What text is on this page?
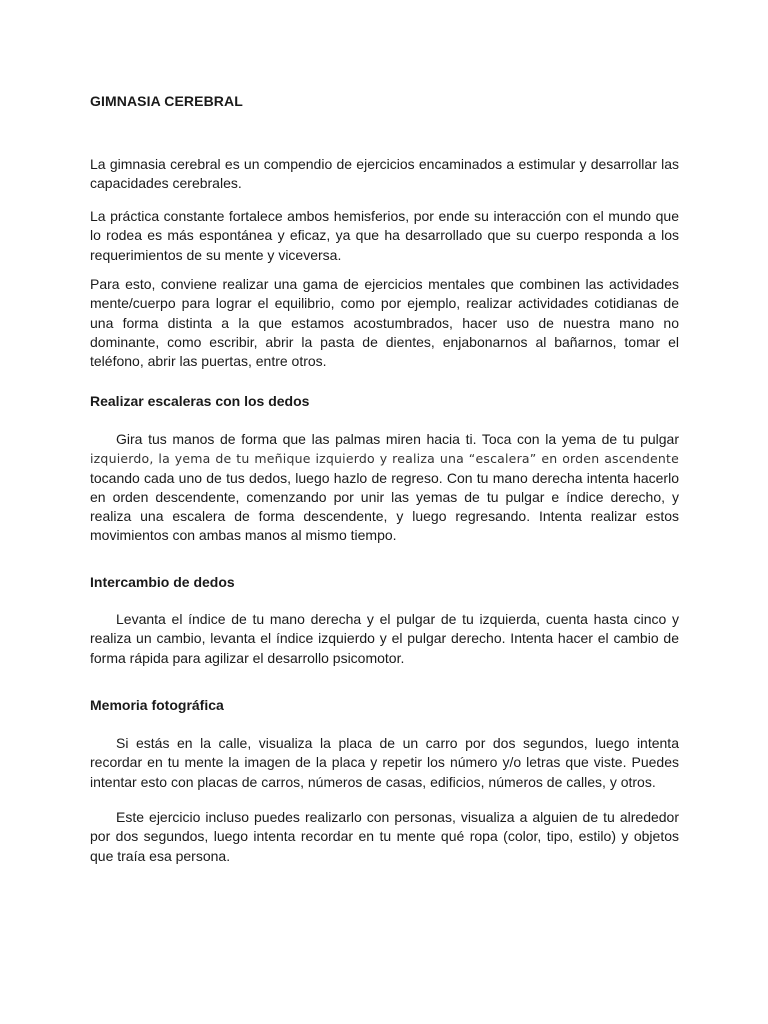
GIMNASIA CEREBRAL

La gimnasia cerebral es un compendio de ejercicios encaminados a estimular y desarrollar las capacidades cerebrales.

La práctica constante fortalece ambos hemisferios, por ende su interacción con el mundo que lo rodea es más espontánea y eficaz, ya que ha desarrollado que su cuerpo responda a los requerimientos de su mente y viceversa.

Para esto, conviene realizar una gama de ejercicios mentales que combinen las actividades mente/cuerpo para lograr el equilibrio, como por ejemplo, realizar actividades cotidianas de una forma distinta a la que estamos acostumbrados, hacer uso de nuestra mano no dominante, como escribir, abrir la pasta de dientes, enjabonarnos al bañarnos, tomar el teléfono, abrir las puertas, entre otros.

Realizar escaleras con los dedos

Gira tus manos de forma que las palmas miren hacia ti. Toca con la yema de tu pulgar izquierdo, la yema de tu meñique izquierdo y realiza una “escalera” en orden ascendente tocando cada uno de tus dedos, luego hazlo de regreso. Con tu mano derecha intenta hacerlo en orden descendente, comenzando por unir las yemas de tu pulgar e índice derecho, y realiza una escalera de forma descendente, y luego regresando. Intenta realizar estos movimientos con ambas manos al mismo tiempo.

Intercambio de dedos

Levanta el índice de tu mano derecha y el pulgar de tu izquierda, cuenta hasta cinco y realiza un cambio, levanta el índice izquierdo y el pulgar derecho. Intenta hacer el cambio de forma rápida para agilizar el desarrollo psicomotor.

Memoria fotográfica

Si estás en la calle, visualiza la placa de un carro por dos segundos, luego intenta recordar en tu mente la imagen de la placa y repetir los número y/o letras que viste. Puedes intentar esto con placas de carros, números de casas, edificios, números de calles, y otros.

Este ejercicio incluso puedes realizarlo con personas, visualiza a alguien de tu alrededor por dos segundos, luego intenta recordar en tu mente qué ropa (color, tipo, estilo) y objetos que traía esa persona.
